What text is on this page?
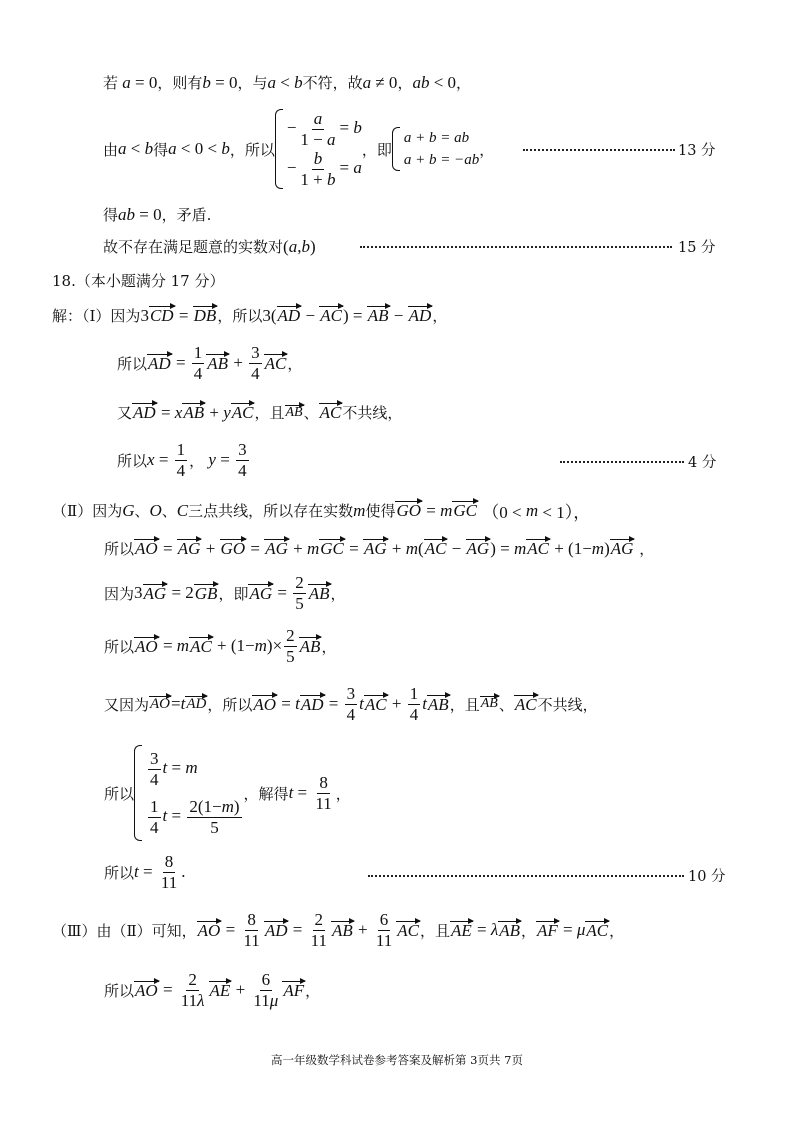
若 a = 0 ，则有 b = 0 ，与 a < b 不符，故 a ≠ 0 ， ab < 0 ，
由 a < b 得 a < 0 < b ，所以
− $\frac{a}{1 - a} = b$
− $\frac{b}{1 + b} = a$
，即
a + b = ab
a + b = −ab
，	13 分
得 ab = 0 ，矛盾.
故不存在满足题意的实数对 ( a , b )	15 分
18.（本小题满分 17 分）
解：（Ⅰ）因为 3 CD = DB ，所以 3( AD − AC ) = AB − AD ，
所以 AD = $\frac{1}{4}$ AB + $\frac{3}{4}$ AC ，
又 AD = x AB + y AC ，且 AB 、 AC 不共线，
所以 $x = \frac{1}{4}$ ， $y = \frac{3}{4}$	4 分
（Ⅱ）因为 G 、 O 、 C 三点共线，所以存在实数 m 使得 GO = m GC （0 < m < 1），
所以 AO = AG + GO = AG + m GC = AG + m ( AC − AG ) = m AC + (1− m ) AG ，
因为 3 AG = 2 GB ，即 AG = $\frac{2}{5}$ AB ，
所以 AO = m AC + (1− m )× $\frac{2}{5}$ AB ，
又因为 AO = t AD ，所以 AO = t AD = $\frac{3}{4}$ t AC + $\frac{1}{4}$ t AB ，且 AB 、 AC 不共线，
所以
$\frac{3}{4}$ t = m
$\frac{1}{4}$ $t = \frac{2(1-m)}{5}$
，解得 $t = \frac{8}{11}$ ，
所以 $t = \frac{8}{11}$ .	10 分
（Ⅲ）由（Ⅱ）可知， AO = $\frac{8}{11}$ AD = $\frac{2}{11}$ AB + $\frac{6}{11}$ AC ，且 AE = λ AB ， AF = μ AC ，
所以 AO = $\frac{2}{11\lambda}$ AE + $\frac{6}{11\mu}$ AF ，
高一年级数学科试卷参考答案及解析第 3页共 7页
